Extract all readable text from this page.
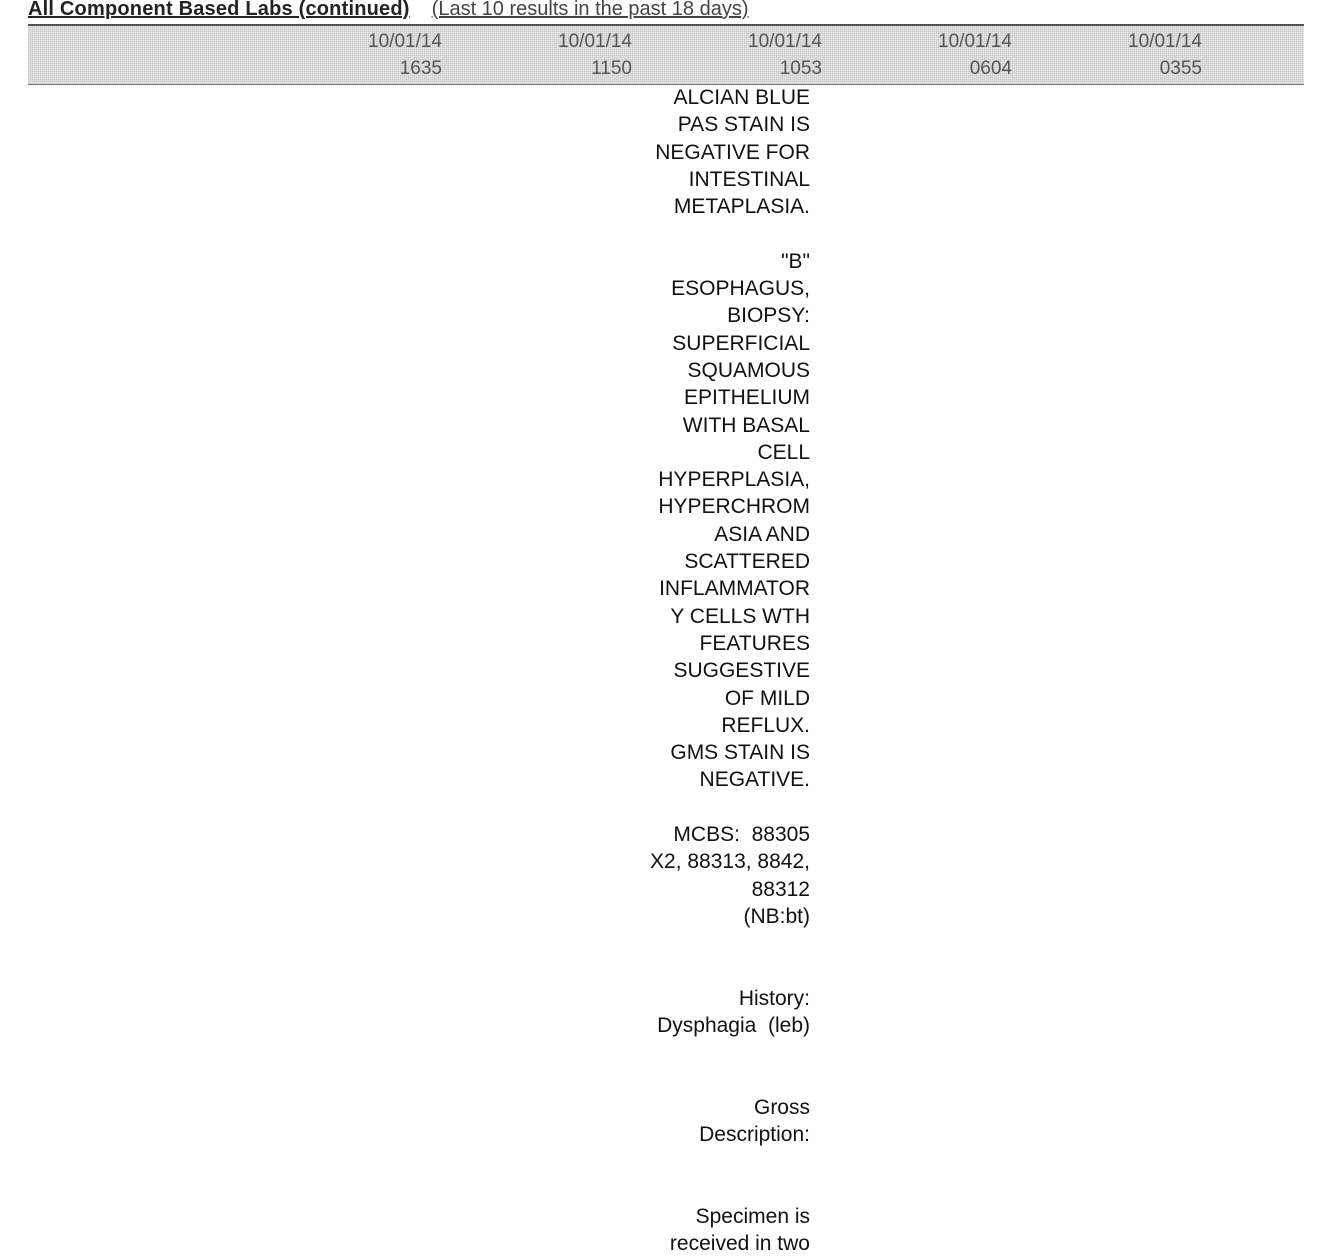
All Component Based Labs (continued) (Last 10 results in the past 18 days)
10/01/14
1635
10/01/14
1150
10/01/14
1053
10/01/14
0604
10/01/14
0355
ALCIAN BLUE
PAS STAIN IS
NEGATIVE FOR
INTESTINAL
METAPLASIA.
"B"
ESOPHAGUS,
BIOPSY:
SUPERFICIAL
SQUAMOUS
EPITHELIUM
WITH BASAL
CELL
HYPERPLASIA,
HYPERCHROM
ASIA AND
SCATTERED
INFLAMMATOR
Y CELLS WTH
FEATURES
SUGGESTIVE
OF MILD
REFLUX.
GMS STAIN IS
NEGATIVE.
MCBS:  88305
X2, 88313, 8842,
88312
(NB:bt)
History:
Dysphagia  (leb)
Gross
Description:
Specimen is
received in two
